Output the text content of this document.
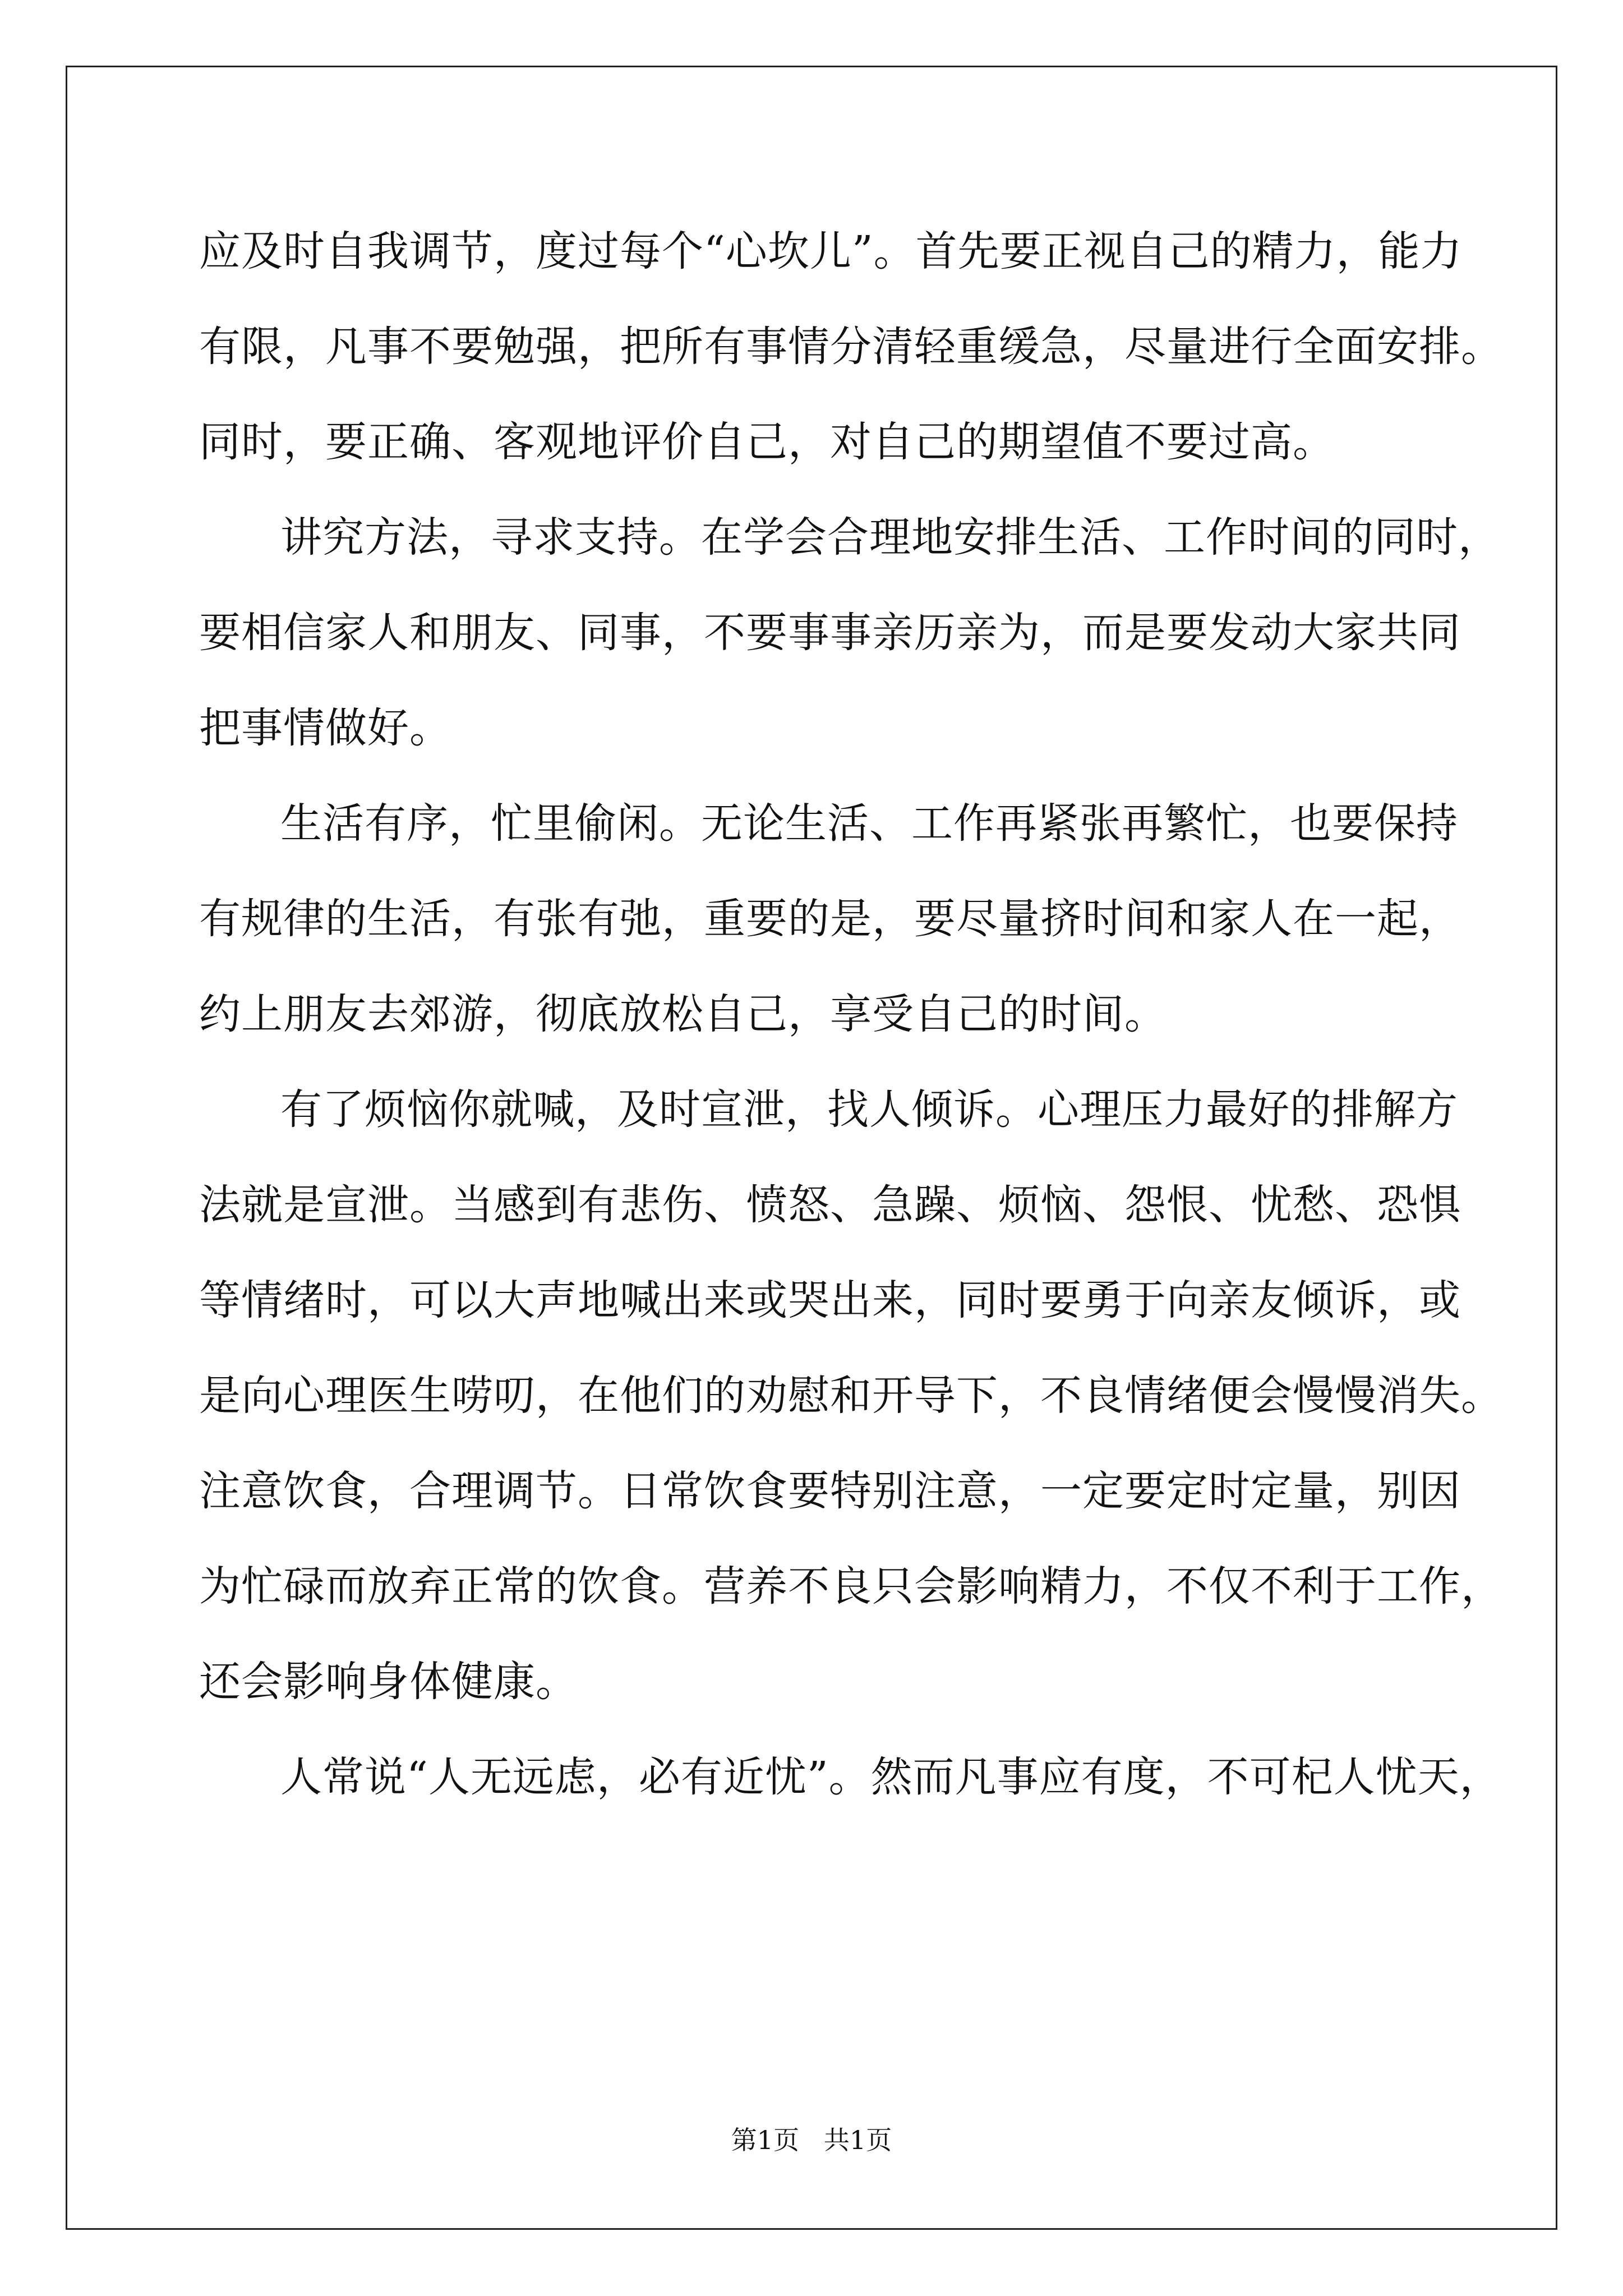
应及时自我调节，度过每个“心坎儿”。首先要正视自己的精力，能力
有限，凡事不要勉强，把所有事情分清轻重缓急，尽量进行全面安排。
同时，要正确、客观地评价自己，对自己的期望值不要过高。
讲究方法，寻求支持。在学会合理地安排生活、工作时间的同时，
要相信家人和朋友、同事，不要事事亲历亲为，而是要发动大家共同
把事情做好。
生活有序，忙里偷闲。无论生活、工作再紧张再繁忙，也要保持
有规律的生活，有张有弛，重要的是，要尽量挤时间和家人在一起，
约上朋友去郊游，彻底放松自己，享受自己的时间。
有了烦恼你就喊，及时宣泄，找人倾诉。心理压力最好的排解方
法就是宣泄。当感到有悲伤、愤怒、急躁、烦恼、怨恨、忧愁、恐惧
等情绪时，可以大声地喊出来或哭出来，同时要勇于向亲友倾诉，或
是向心理医生唠叨，在他们的劝慰和开导下，不良情绪便会慢慢消失。
注意饮食，合理调节。日常饮食要特别注意，一定要定时定量，别因
为忙碌而放弃正常的饮食。营养不良只会影响精力，不仅不利于工作，
还会影响身体健康。
人常说“人无远虑，必有近忧”。然而凡事应有度，不可杞人忧天，
第1页   共1页
